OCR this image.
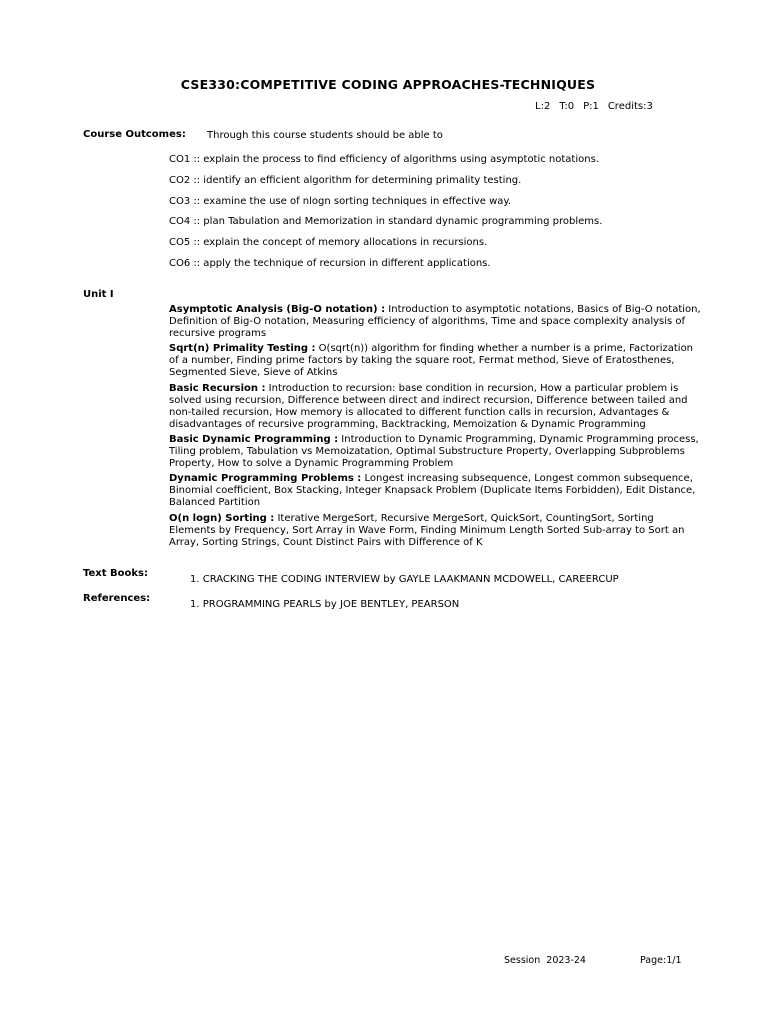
CSE330:COMPETITIVE CODING APPROACHES-TECHNIQUES
L:2 T:0 P:1 Credits:3
Course Outcomes: Through this course students should be able to
CO1 :: explain the process to find efficiency of algorithms using asymptotic notations.
CO2 :: identify an efficient algorithm for determining primality testing.
CO3 :: examine the use of nlogn sorting techniques in effective way.
CO4 :: plan Tabulation and Memorization in standard dynamic programming problems.
CO5 :: explain the concept of memory allocations in recursions.
CO6 :: apply the technique of recursion in different applications.
Unit I
Asymptotic Analysis (Big-O notation) : Introduction to asymptotic notations, Basics of Big-O notation, Definition of Big-O notation, Measuring efficiency of algorithms, Time and space complexity analysis of recursive programs
Sqrt(n) Primality Testing : O(sqrt(n)) algorithm for finding whether a number is a prime, Factorization of a number, Finding prime factors by taking the square root, Fermat method, Sieve of Eratosthenes, Segmented Sieve, Sieve of Atkins
Basic Recursion : Introduction to recursion: base condition in recursion, How a particular problem is solved using recursion, Difference between direct and indirect recursion, Difference between tailed and non-tailed recursion, How memory is allocated to different function calls in recursion, Advantages & disadvantages of recursive programming, Backtracking, Memoization & Dynamic Programming
Basic Dynamic Programming : Introduction to Dynamic Programming, Dynamic Programming process, Tiling problem, Tabulation vs Memoizatation, Optimal Substructure Property, Overlapping Subproblems Property, How to solve a Dynamic Programming Problem
Dynamic Programming Problems : Longest increasing subsequence, Longest common subsequence, Binomial coefficient, Box Stacking, Integer Knapsack Problem (Duplicate Items Forbidden), Edit Distance, Balanced Partition
O(n logn) Sorting : Iterative MergeSort, Recursive MergeSort, QuickSort, CountingSort, Sorting Elements by Frequency, Sort Array in Wave Form, Finding Minimum Length Sorted Sub-array to Sort an Array, Sorting Strings, Count Distinct Pairs with Difference of K
Text Books:
1. CRACKING THE CODING INTERVIEW by GAYLE LAAKMANN MCDOWELL, CAREERCUP
References:
1. PROGRAMMING PEARLS by JOE BENTLEY, PEARSON
Session  2023-24	Page:1/1
